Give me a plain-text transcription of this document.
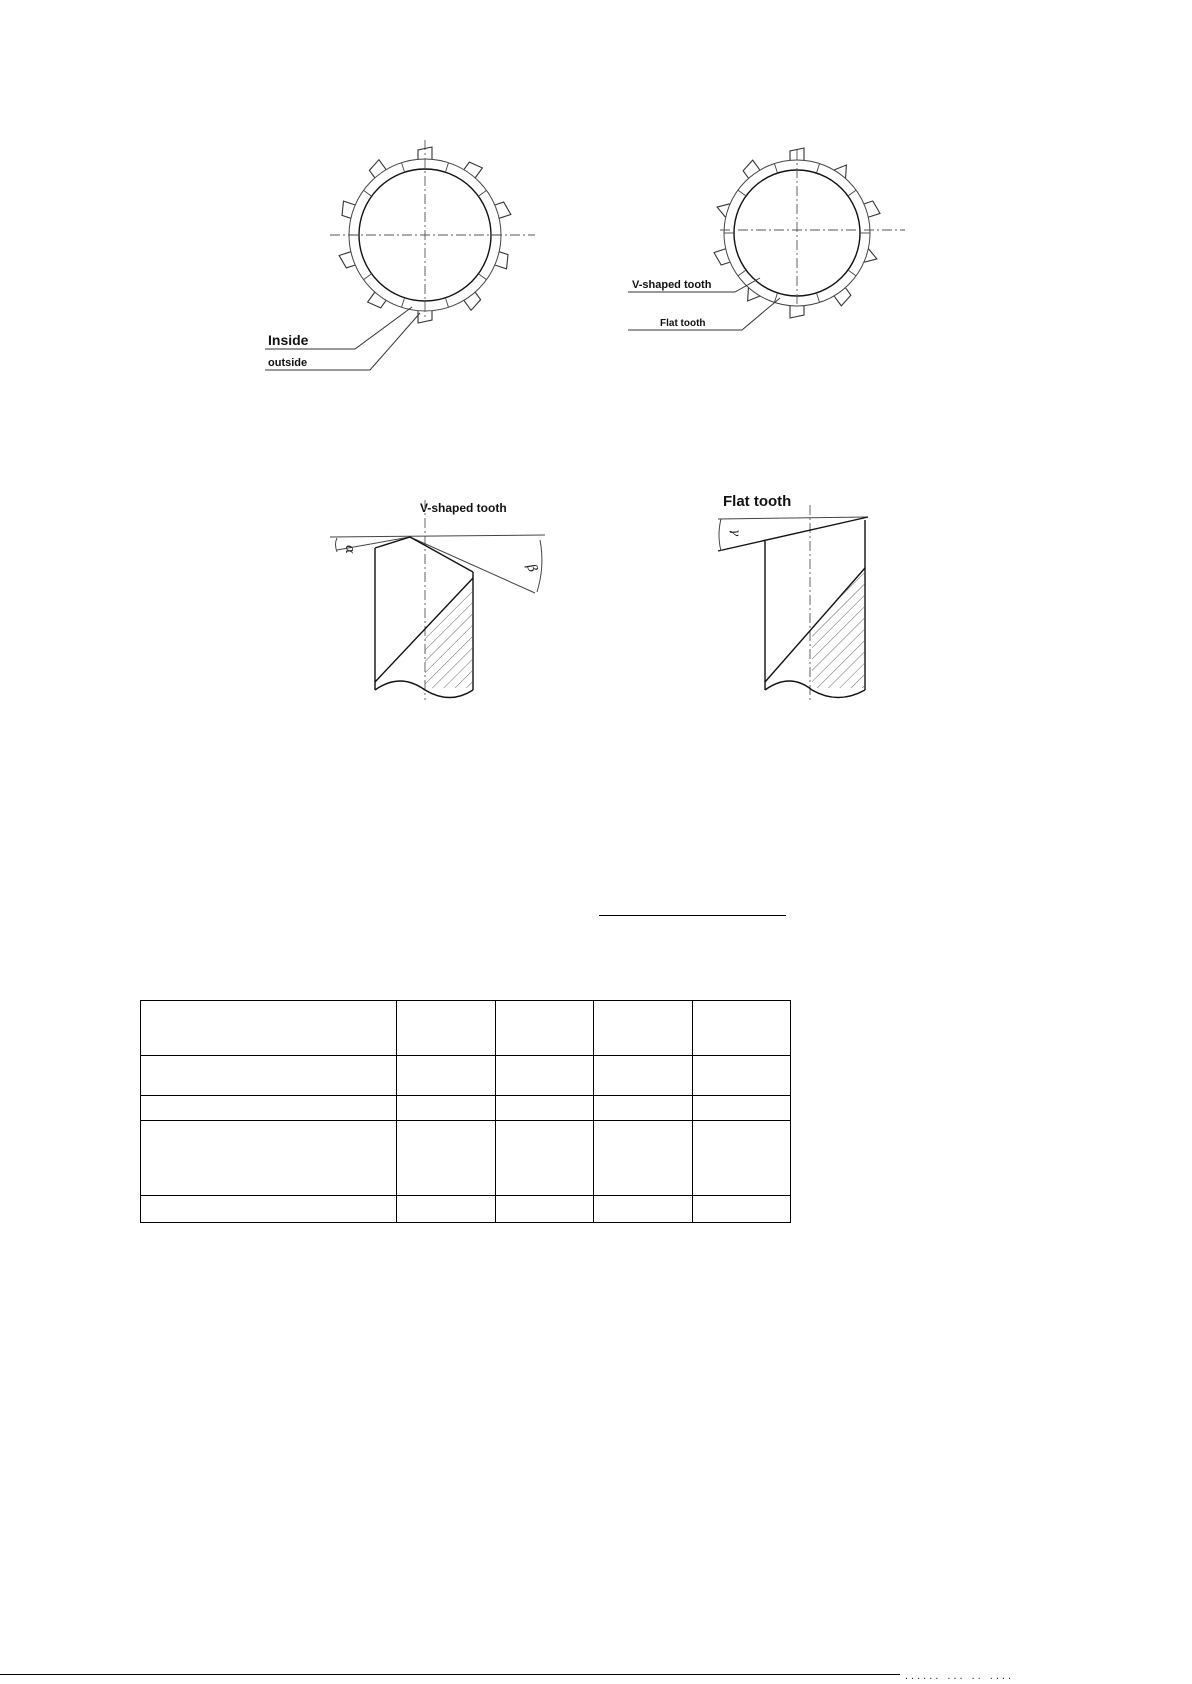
Inside
outside
V-shaped tooth
Flat tooth
V-shaped tooth
α
β
Flat tooth
γ

...... ... .. ....
